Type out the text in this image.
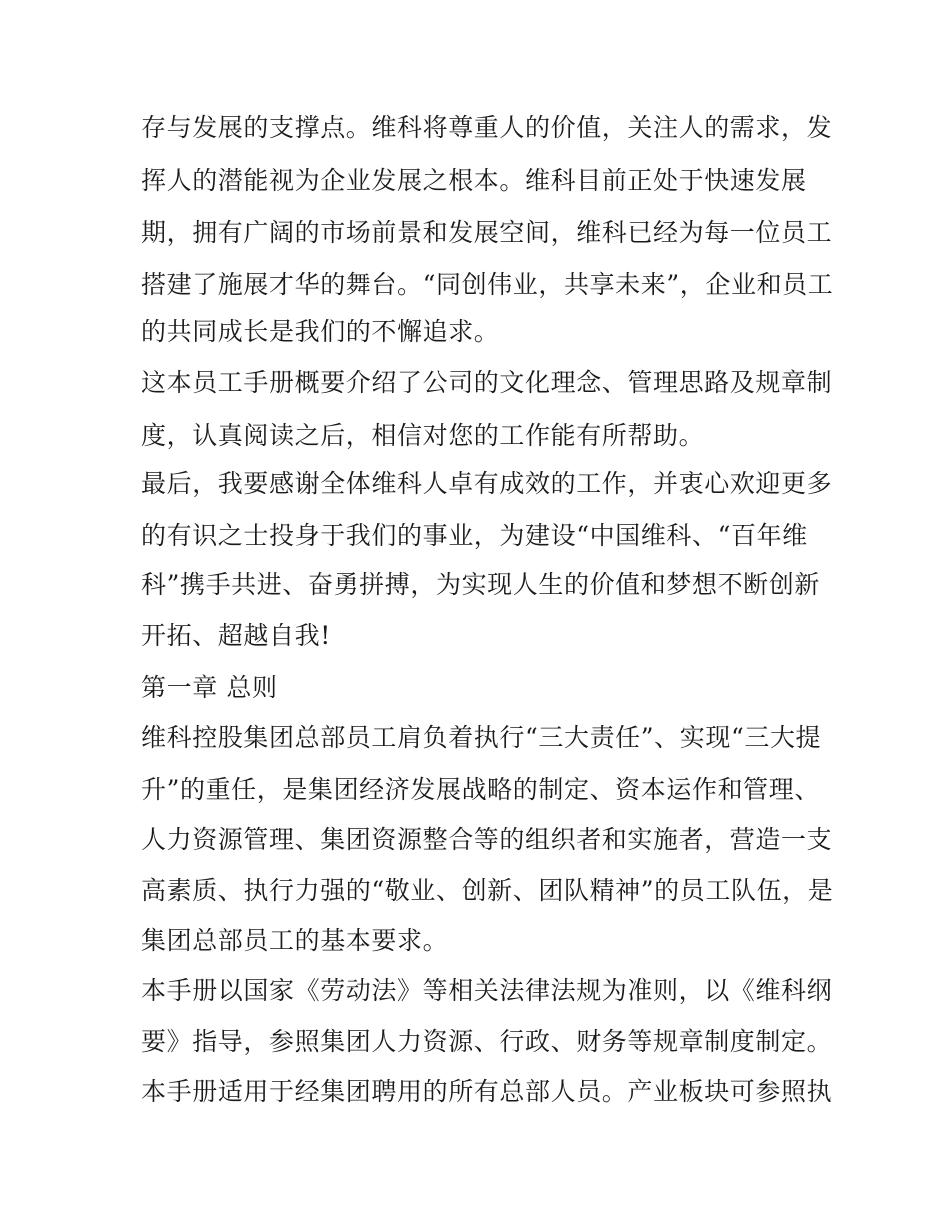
存与发展的支撑点。维科将尊重人的价值，关注人的需求，发

挥人的潜能视为企业发展之根本。维科目前正处于快速发展

期，拥有广阔的市场前景和发展空间，维科已经为每一位员工

搭建了施展才华的舞台。“同创伟业，共享未来”，企业和员工

的共同成长是我们的不懈追求。

这本员工手册概要介绍了公司的文化理念、管理思路及规章制

度，认真阅读之后，相信对您的工作能有所帮助。

最后，我要感谢全体维科人卓有成效的工作，并衷心欢迎更多

的有识之士投身于我们的事业，为建设“中国维科、“百年维

科”携手共进、奋勇拼搏，为实现人生的价值和梦想不断创新

开拓、超越自我!

第一章 总则

维科控股集团总部员工肩负着执行“三大责任”、实现“三大提

升”的重任，是集团经济发展战略的制定、资本运作和管理、

人力资源管理、集团资源整合等的组织者和实施者，营造一支

高素质、执行力强的“敬业、创新、团队精神”的员工队伍，是

集团总部员工的基本要求。

本手册以国家《劳动法》等相关法律法规为准则，以《维科纲

要》指导，参照集团人力资源、行政、财务等规章制度制定。

本手册适用于经集团聘用的所有总部人员。产业板块可参照执
